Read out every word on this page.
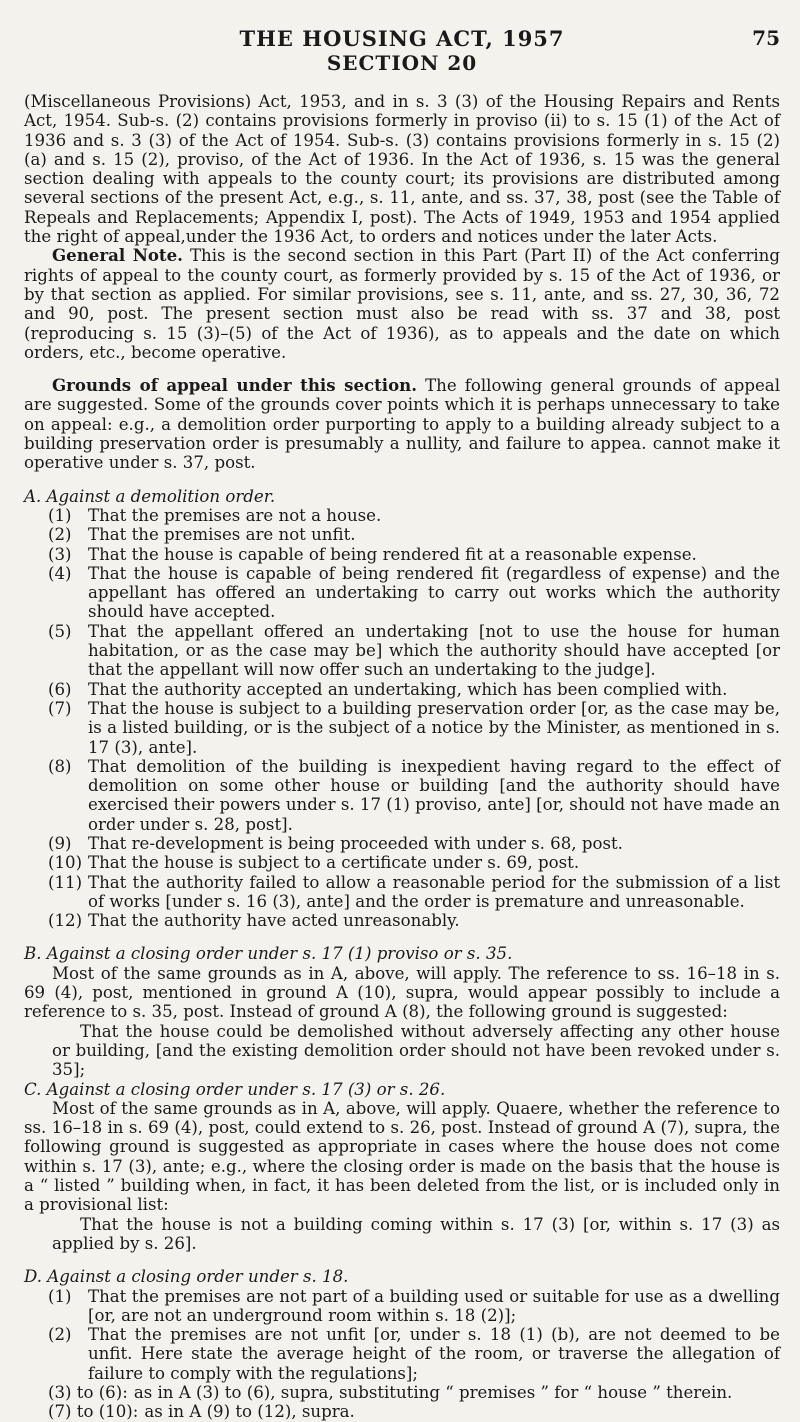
THE HOUSING ACT, 1957	75
SECTION 20

(Miscellaneous Provisions) Act, 1953, and in s. 3 (3) of the Housing Repairs and Rents Act, 1954. Sub-s. (2) contains provisions formerly in proviso (ii) to s. 15 (1) of the Act of 1936 and s. 3 (3) of the Act of 1954. Sub-s. (3) contains provisions formerly in s. 15 (2) (a) and s. 15 (2), proviso, of the Act of 1936. In the Act of 1936, s. 15 was the general section dealing with appeals to the county court; its provisions are distributed among several sections of the present Act, e.g., s. 11, ante, and ss. 37, 38, post (see the Table of Repeals and Replacements; Appendix I, post). The Acts of 1949, 1953 and 1954 applied the right of appeal,under the 1936 Act, to orders and notices under the later Acts.

General Note. This is the second section in this Part (Part II) of the Act conferring rights of appeal to the county court, as formerly provided by s. 15 of the Act of 1936, or by that section as applied. For similar provisions, see s. 11, ante, and ss. 27, 30, 36, 72 and 90, post. The present section must also be read with ss. 37 and 38, post (reproducing s. 15 (3)–(5) of the Act of 1936), as to appeals and the date on which orders, etc., become operative.

Grounds of appeal under this section. The following general grounds of appeal are suggested. Some of the grounds cover points which it is perhaps unnecessary to take on appeal: e.g., a demolition order purporting to apply to a building already subject to a building preservation order is presumably a nullity, and failure to appea. cannot make it operative under s. 37, post.

A. Against a demolition order.

(1) That the premises are not a house.
(2) That the premises are not unfit.
(3) That the house is capable of being rendered fit at a reasonable expense.
(4) That the house is capable of being rendered fit (regardless of expense) and the appellant has offered an undertaking to carry out works which the authority should have accepted.
(5) That the appellant offered an undertaking [not to use the house for human habitation, or as the case may be] which the authority should have accepted [or that the appellant will now offer such an undertaking to the judge].
(6) That the authority accepted an undertaking, which has been complied with.
(7) That the house is subject to a building preservation order [or, as the case may be, is a listed building, or is the subject of a notice by the Minister, as mentioned in s. 17 (3), ante].
(8) That demolition of the building is inexpedient having regard to the effect of demolition on some other house or building [and the authority should have exercised their powers under s. 17 (1) proviso, ante] [or, should not have made an order under s. 28, post].
(9) That re-development is being proceeded with under s. 68, post.
(10) That the house is subject to a certificate under s. 69, post.
(11) That the authority failed to allow a reasonable period for the submission of a list of works [under s. 16 (3), ante] and the order is premature and unreasonable.
(12) That the authority have acted unreasonably.

B. Against a closing order under s. 17 (1) proviso or s. 35.

Most of the same grounds as in A, above, will apply. The reference to ss. 16–18 in s. 69 (4), post, mentioned in ground A (10), supra, would appear possibly to include a reference to s. 35, post. Instead of ground A (8), the following ground is suggested:

That the house could be demolished without adversely affecting any other house or building, [and the existing demolition order should not have been revoked under s. 35];

C. Against a closing order under s. 17 (3) or s. 26.

Most of the same grounds as in A, above, will apply. Quaere, whether the reference to ss. 16–18 in s. 69 (4), post, could extend to s. 26, post. Instead of ground A (7), supra, the following ground is suggested as appropriate in cases where the house does not come within s. 17 (3), ante; e.g., where the closing order is made on the basis that the house is a “ listed ” building when, in fact, it has been deleted from the list, or is included only in a provisional list:

That the house is not a building coming within s. 17 (3) [or, within s. 17 (3) as applied by s. 26].

D. Against a closing order under s. 18.

(1) That the premises are not part of a building used or suitable for use as a dwelling [or, are not an underground room within s. 18 (2)];
(2) That the premises are not unfit [or, under s. 18 (1) (b), are not deemed to be unfit. Here state the average height of the room, or traverse the allegation of failure to comply with the regulations];
(3) to (6): as in A (3) to (6), supra, substituting “ premises ” for “ house ” therein.
(7) to (10): as in A (9) to (12), supra.
